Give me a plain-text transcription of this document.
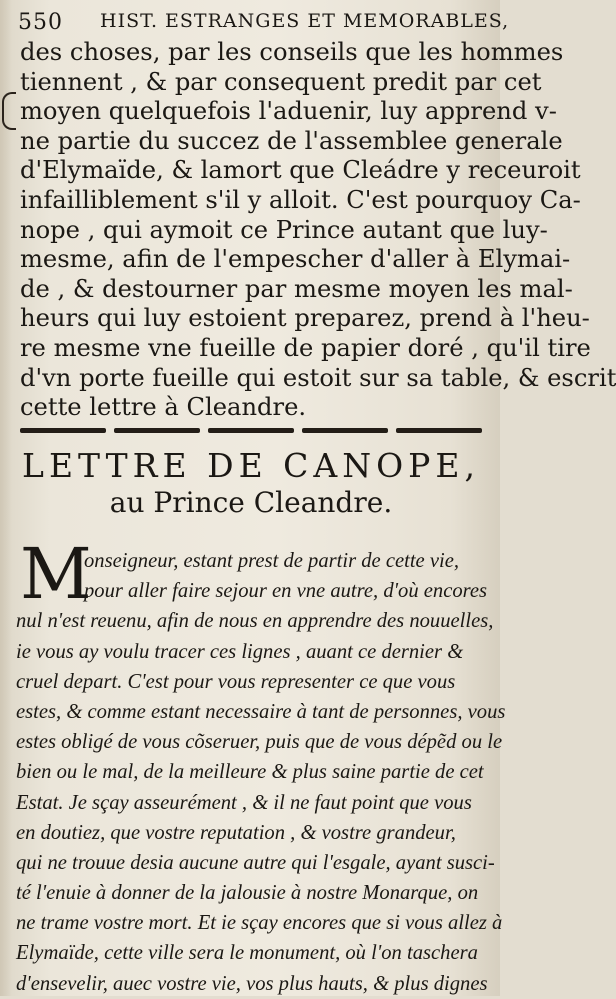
550 HIST. ESTRANGES ET MEMORABLES,
des choses, par les conseils que les hommes
tiennent , & par consequent predit par cet
moyen quelquefois l'aduenir, luy apprend v-
ne partie du succez de l'assemblee generale
d'Elymaïde, & lamort que Cleádre y receuroit
infailliblement s'il y alloit. C'est pourquoy Ca-
nope , qui aymoit ce Prince autant que luy-
mesme, afin de l'empescher d'aller à Elymai-
de , & destourner par mesme moyen les mal-
heurs qui luy estoient preparez, prend à l'heu-
re mesme vne fueille de papier doré , qu'il tire
d'vn porte fueille qui estoit sur sa table, & escrit
cette lettre à Cleandre.
LETTRE DE CANOPE,
au Prince Cleandre.
M
onseigneur, estant prest de partir de cette vie,
pour aller faire sejour en vne autre, d'où encores
nul n'est reuenu, afin de nous en apprendre des nouuelles,
ie vous ay voulu tracer ces lignes , auant ce dernier &
cruel depart. C'est pour vous representer ce que vous
estes, & comme estant necessaire à tant de personnes, vous
estes obligé de vous cõseruer, puis que de vous dépẽd ou le
bien ou le mal, de la meilleure & plus saine partie de cet
Estat. Je sçay asseurément , & il ne faut point que vous
en doutiez, que vostre reputation , & vostre grandeur,
qui ne trouue desia aucune autre qui l'esgale, ayant susci-
té l'enuie à donner de la jalousie à nostre Monarque, on
ne trame vostre mort. Et ie sçay encores que si vous allez à
Elymaïde, cette ville sera le monument, où l'on taschera
d'ensevelir, auec vostre vie, vos plus hauts, & plus dignes
